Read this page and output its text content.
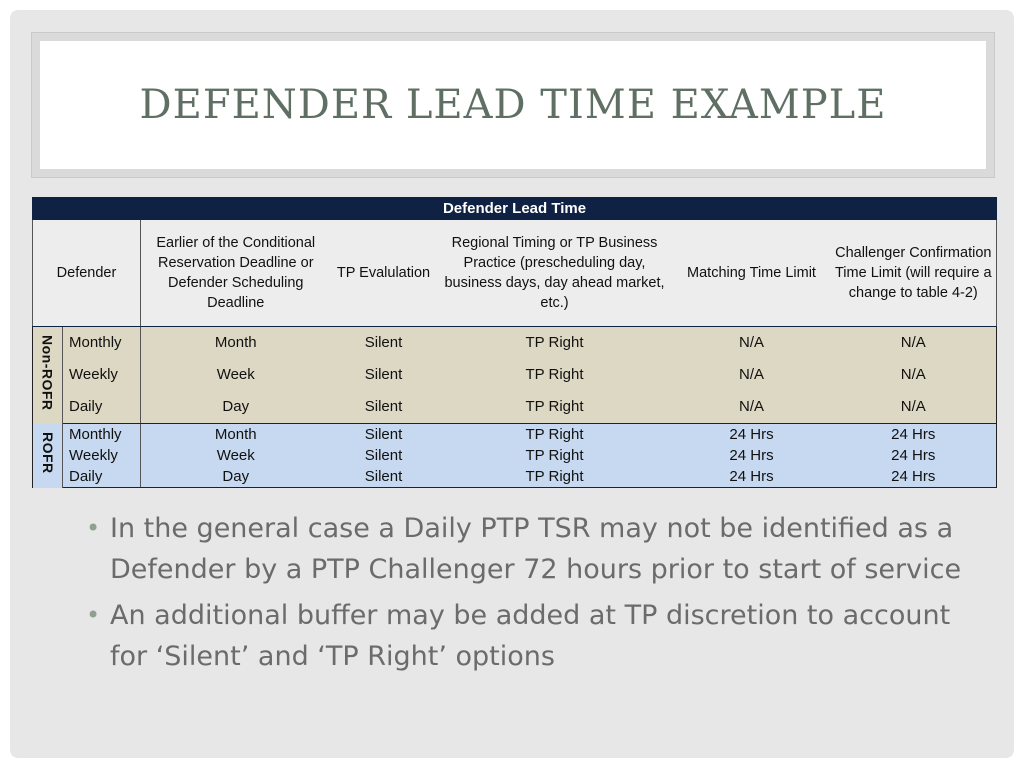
DEFENDER LEAD TIME EXAMPLE
Defender Lead Time						
Defender		Earlier of the Conditional Reservation Deadline or Defender Scheduling Deadline	TP Evalulation	Regional Timing or TP Business Practice (prescheduling day, business days, day ahead market, etc.)	Matching Time Limit	Challenger Confirmation Time Limit (will require a change to table 4-2)
Non-ROFR	Monthly	Month	Silent	TP Right	N/A	N/A
	Weekly	Week	Silent	TP Right	N/A	N/A
	Daily	Day	Silent	TP Right	N/A	N/A
ROFR	Monthly	Month	Silent	TP Right	24 Hrs	24 Hrs
	Weekly	Week	Silent	TP Right	24 Hrs	24 Hrs
	Daily	Day	Silent	TP Right	24 Hrs	24 Hrs
• In the general case a Daily PTP TSR may not be identified as a Defender by a PTP Challenger 72 hours prior to start of service
• An additional buffer may be added at TP discretion to account for ‘Silent’ and ‘TP Right’ options
